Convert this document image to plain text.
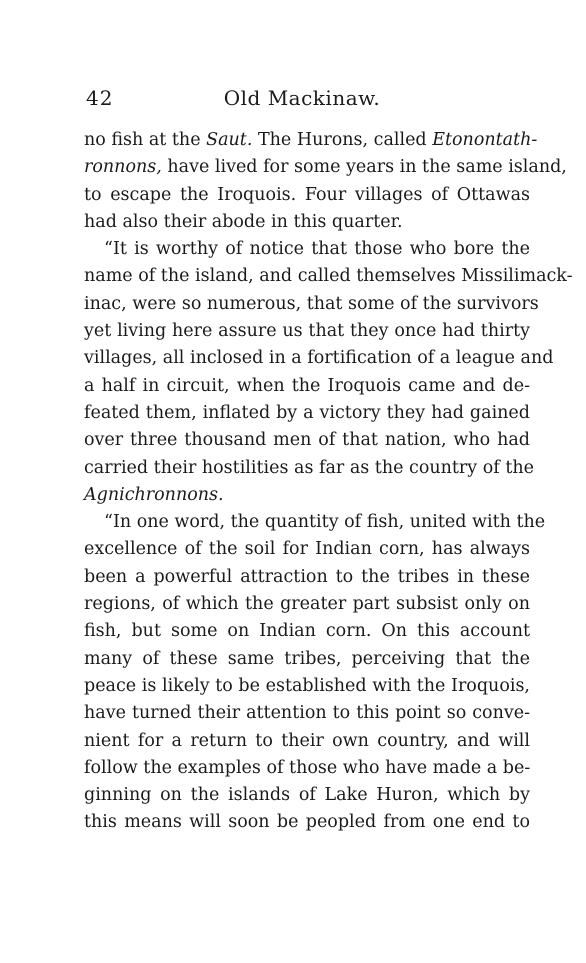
42	Old Mackinaw.
no fish at the Saut. The Hurons, called Etonontath-
ronnons, have lived for some years in the same island,
to escape the Iroquois. Four villages of Ottawas
had also their abode in this quarter.
“It is worthy of notice that those who bore the
name of the island, and called themselves Missilimack-
inac, were so numerous, that some of the survivors
yet living here assure us that they once had thirty
villages, all inclosed in a fortification of a league and
a half in circuit, when the Iroquois came and de-
feated them, inflated by a victory they had gained
over three thousand men of that nation, who had
carried their hostilities as far as the country of the
Agnichronnons.
“In one word, the quantity of fish, united with the
excellence of the soil for Indian corn, has always
been a powerful attraction to the tribes in these
regions, of which the greater part subsist only on
fish, but some on Indian corn. On this account
many of these same tribes, perceiving that the
peace is likely to be established with the Iroquois,
have turned their attention to this point so conve-
nient for a return to their own country, and will
follow the examples of those who have made a be-
ginning on the islands of Lake Huron, which by
this means will soon be peopled from one end to
